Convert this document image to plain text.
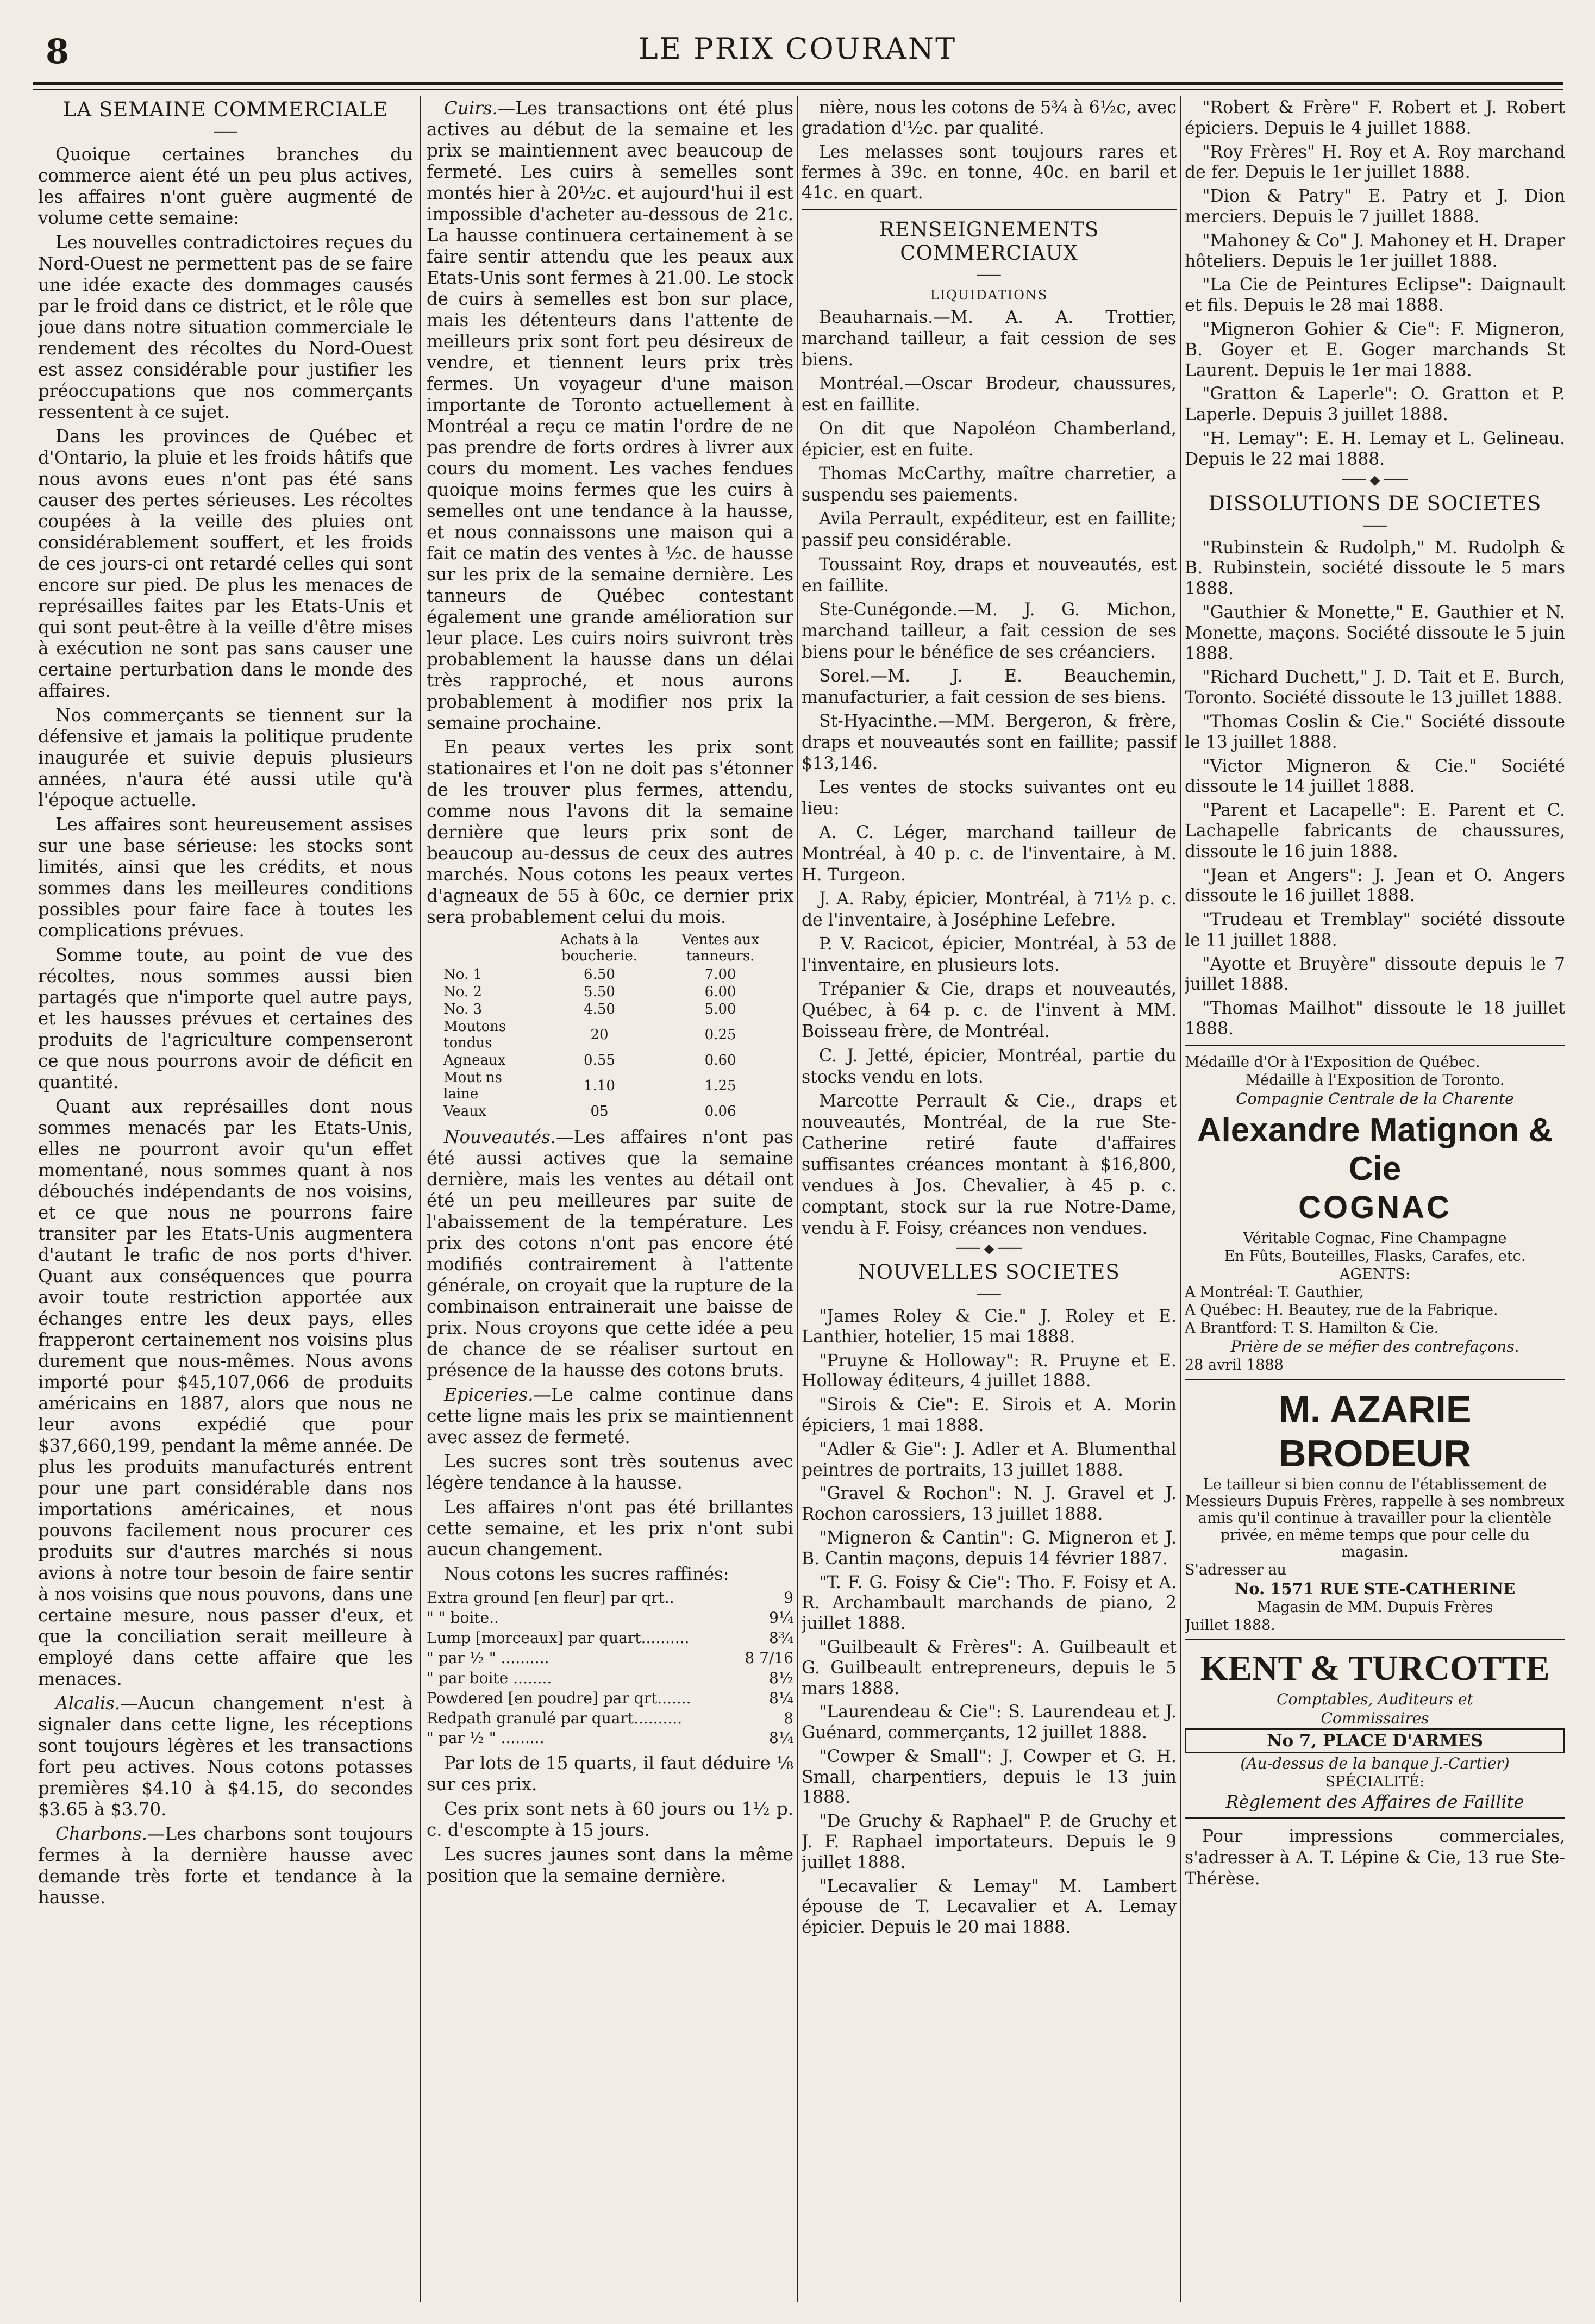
8	LE PRIX COURANT
LA SEMAINE COMMERCIALE
───

Quoique certaines branches du commerce aient été un peu plus actives, les affaires n'ont guère augmenté de volume cette semaine:

Les nouvelles contradictoires reçues du Nord-Ouest ne permettent pas de se faire une idée exacte des dommages causés par le froid dans ce district, et le rôle que joue dans notre situation commerciale le rendement des récoltes du Nord-Ouest est assez considérable pour justifier les préoccupations que nos commerçants ressentent à ce sujet.

Dans les provinces de Québec et d'Ontario, la pluie et les froids hâtifs que nous avons eues n'ont pas été sans causer des pertes sérieuses. Les récoltes coupées à la veille des pluies ont considérablement souffert, et les froids de ces jours-ci ont retardé celles qui sont encore sur pied. De plus les menaces de représailles faites par les Etats-Unis et qui sont peut-être à la veille d'être mises à exécution ne sont pas sans causer une certaine perturbation dans le monde des affaires.

Nos commerçants se tiennent sur la défensive et jamais la politique prudente inaugurée et suivie depuis plusieurs années, n'aura été aussi utile qu'à l'époque actuelle.

Les affaires sont heureusement assises sur une base sérieuse: les stocks sont limités, ainsi que les crédits, et nous sommes dans les meilleures conditions possibles pour faire face à toutes les complications prévues.

Somme toute, au point de vue des récoltes, nous sommes aussi bien partagés que n'importe quel autre pays, et les hausses prévues et certaines des produits de l'agriculture compenseront ce que nous pourrons avoir de déficit en quantité.

Quant aux représailles dont nous sommes menacés par les Etats-Unis, elles ne pourront avoir qu'un effet momentané, nous sommes quant à nos débouchés indépendants de nos voisins, et ce que nous ne pourrons faire transiter par les Etats-Unis augmentera d'autant le trafic de nos ports d'hiver. Quant aux conséquences que pourra avoir toute restriction apportée aux échanges entre les deux pays, elles frapperont certainement nos voisins plus durement que nous-mêmes. Nous avons importé pour $45,107,066 de produits américains en 1887, alors que nous ne leur avons expédié que pour $37,660,199, pendant la même année. De plus les produits manufacturés entrent pour une part considérable dans nos importations américaines, et nous pouvons facilement nous procurer ces produits sur d'autres marchés si nous avions à notre tour besoin de faire sentir à nos voisins que nous pouvons, dans une certaine mesure, nous passer d'eux, et que la conciliation serait meilleure à employé dans cette affaire que les menaces.

Alcalis.—Aucun changement n'est à signaler dans cette ligne, les réceptions sont toujours légères et les transactions fort peu actives. Nous cotons potasses premières $4.10 à $4.15, do secondes $3.65 à $3.70.

Charbons.—Les charbons sont toujours fermes à la dernière hausse avec demande très forte et tendance à la hausse.

Cuirs.—Les transactions ont été plus actives au début de la semaine et les prix se maintiennent avec beaucoup de fermeté. Les cuirs à semelles sont montés hier à 20½c. et aujourd'hui il est impossible d'acheter au-dessous de 21c. La hausse continuera certainement à se faire sentir attendu que les peaux aux Etats-Unis sont fermes à 21.00. Le stock de cuirs à semelles est bon sur place, mais les détenteurs dans l'attente de meilleurs prix sont fort peu désireux de vendre, et tiennent leurs prix très fermes. Un voyageur d'une maison importante de Toronto actuellement à Montréal a reçu ce matin l'ordre de ne pas prendre de forts ordres à livrer aux cours du moment. Les vaches fendues quoique moins fermes que les cuirs à semelles ont une tendance à la hausse, et nous connaissons une maison qui a fait ce matin des ventes à ½c. de hausse sur les prix de la semaine dernière. Les tanneurs de Québec contestant également une grande amélioration sur leur place. Les cuirs noirs suivront très probablement la hausse dans un délai très rapproché, et nous aurons probablement à modifier nos prix la semaine prochaine.

En peaux vertes les prix sont stationaires et l'on ne doit pas s'étonner de les trouver plus fermes, attendu, comme nous l'avons dit la semaine dernière que leurs prix sont de beaucoup au-dessus de ceux des autres marchés. Nous cotons les peaux vertes d'agneaux de 55 à 60c, ce dernier prix sera probablement celui du mois.

	Achats à la boucherie.	Ventes aux tanneurs.
No. 1	6.50	7.00
No. 2	5.50	6.00
No. 3	4.50	5.00
Moutons tondus	20	0.25
Agneaux	0.55	0.60
Mout ns laine	1.10	1.25
Veaux	05	0.06

Nouveautés.—Les affaires n'ont pas été aussi actives que la semaine dernière, mais les ventes au détail ont été un peu meilleures par suite de l'abaissement de la température. Les prix des cotons n'ont pas encore été modifiés contrairement à l'attente générale, on croyait que la rupture de la combinaison entrainerait une baisse de prix. Nous croyons que cette idée a peu de chance de se réaliser surtout en présence de la hausse des cotons bruts.

Epiceries.—Le calme continue dans cette ligne mais les prix se maintiennent avec assez de fermeté.

Les sucres sont très soutenus avec légère tendance à la hausse.

Les affaires n'ont pas été brillantes cette semaine, et les prix n'ont subi aucun changement.

Nous cotons les sucres raffinés:

Extra ground [en fleur] par qrt..	9
" " boite..	9¼
Lump [morceaux] par quart..........	8¾
" par ½ " ..........	8 7/16
" par boite ........	8½
Powdered [en poudre] par qrt.......	8¼
Redpath granulé par quart..........	8
" par ½ " .........	8¼

Par lots de 15 quarts, il faut déduire ⅛ sur ces prix.

Ces prix sont nets à 60 jours ou 1½ p. c. d'escompte à 15 jours.

Les sucres jaunes sont dans la même position que la semaine dernière.

nière, nous les cotons de 5¾ à 6½c, avec gradation d'½c. par qualité.

Les melasses sont toujours rares et fermes à 39c. en tonne, 40c. en baril et 41c. en quart.

RENSEIGNEMENTS COMMERCIAUX
───
LIQUIDATIONS

Beauharnais.—M. A. A. Trottier, marchand tailleur, a fait cession de ses biens.

Montréal.—Oscar Brodeur, chaussures, est en faillite.

On dit que Napoléon Chamberland, épicier, est en fuite.

Thomas McCarthy, maître charretier, a suspendu ses paiements.

Avila Perrault, expéditeur, est en faillite; passif peu considérable.

Toussaint Roy, draps et nouveautés, est en faillite.

Ste-Cunégonde.—M. J. G. Michon, marchand tailleur, a fait cession de ses biens pour le bénéfice de ses créanciers.

Sorel.—M. J. E. Beauchemin, manufacturier, a fait cession de ses biens.

St-Hyacinthe.—MM. Bergeron, & frère, draps et nouveautés sont en faillite; passif $13,146.

Les ventes de stocks suivantes ont eu lieu:

A. C. Léger, marchand tailleur de Montréal, à 40 p. c. de l'inventaire, à M. H. Turgeon.

J. A. Raby, épicier, Montréal, à 71½ p. c. de l'inventaire, à Joséphine Lefebre.

P. V. Racicot, épicier, Montréal, à 53 de l'inventaire, en plusieurs lots.

Trépanier & Cie, draps et nouveautés, Québec, à 64 p. c. de l'invent à MM. Boisseau frère, de Montréal.

C. J. Jetté, épicier, Montréal, partie du stocks vendu en lots.

Marcotte Perrault & Cie., draps et nouveautés, Montréal, de la rue Ste-Catherine retiré faute d'affaires suffisantes créances montant à $16,800, vendues à Jos. Chevalier, à 45 p. c. comptant, stock sur la rue Notre-Dame, vendu à F. Foisy, créances non vendues.

─── ◆ ───
NOUVELLES SOCIETES
───

"James Roley & Cie." J. Roley et E. Lanthier, hotelier, 15 mai 1888.

"Pruyne & Holloway": R. Pruyne et E. Holloway éditeurs, 4 juillet 1888.

"Sirois & Cie": E. Sirois et A. Morin épiciers, 1 mai 1888.

"Adler & Gie": J. Adler et A. Blumenthal peintres de portraits, 13 juillet 1888.

"Gravel & Rochon": N. J. Gravel et J. Rochon carossiers, 13 juillet 1888.

"Migneron & Cantin": G. Migneron et J. B. Cantin maçons, depuis 14 février 1887.

"T. F. G. Foisy & Cie": Tho. F. Foisy et A. R. Archambault marchands de piano, 2 juillet 1888.

"Guilbeault & Frères": A. Guilbeault et G. Guilbeault entrepreneurs, depuis le 5 mars 1888.

"Laurendeau & Cie": S. Laurendeau et J. Guénard, commerçants, 12 juillet 1888.

"Cowper & Small": J. Cowper et G. H. Small, charpentiers, depuis le 13 juin 1888.

"De Gruchy & Raphael" P. de Gruchy et J. F. Raphael importateurs. Depuis le 9 juillet 1888.

"Lecavalier & Lemay" M. Lambert épouse de T. Lecavalier et A. Lemay épicier. Depuis le 20 mai 1888.

"Robert & Frère" F. Robert et J. Robert épiciers. Depuis le 4 juillet 1888.

"Roy Frères" H. Roy et A. Roy marchand de fer. Depuis le 1er juillet 1888.

"Dion & Patry" E. Patry et J. Dion merciers. Depuis le 7 juillet 1888.

"Mahoney & Co" J. Mahoney et H. Draper hôteliers. Depuis le 1er juillet 1888.

"La Cie de Peintures Eclipse": Daignault et fils. Depuis le 28 mai 1888.

"Migneron Gohier & Cie": F. Migneron, B. Goyer et E. Goger marchands St Laurent. Depuis le 1er mai 1888.

"Gratton & Laperle": O. Gratton et P. Laperle. Depuis 3 juillet 1888.

"H. Lemay": E. H. Lemay et L. Gelineau. Depuis le 22 mai 1888.

─── ◆ ───
DISSOLUTIONS DE SOCIETES
───

"Rubinstein & Rudolph," M. Rudolph & B. Rubinstein, société dissoute le 5 mars 1888.

"Gauthier & Monette," E. Gauthier et N. Monette, maçons. Société dissoute le 5 juin 1888.

"Richard Duchett," J. D. Tait et E. Burch, Toronto. Société dissoute le 13 juillet 1888.

"Thomas Coslin & Cie." Société dissoute le 13 juillet 1888.

"Victor Migneron & Cie." Société dissoute le 14 juillet 1888.

"Parent et Lacapelle": E. Parent et C. Lachapelle fabricants de chaussures, dissoute le 16 juin 1888.

"Jean et Angers": J. Jean et O. Angers dissoute le 16 juillet 1888.

"Trudeau et Tremblay" société dissoute le 11 juillet 1888.

"Ayotte et Bruyère" dissoute depuis le 7 juillet 1888.

"Thomas Mailhot" dissoute le 18 juillet 1888.

Médaille d'Or à l'Exposition de Québec.
Médaille à l'Exposition de Toronto.
Compagnie Centrale de la Charente
Alexandre Matignon & Cie
COGNAC
Véritable Cognac, Fine Champagne
En Fûts, Bouteilles, Flasks, Carafes, etc.
AGENTS:
A Montréal: T. Gauthier,
A Québec: H. Beautey, rue de la Fabrique.
A Brantford: T. S. Hamilton & Cie.
Prière de se méfier des contrefaçons.
28 avril 1888
M. AZARIE BRODEUR
Le tailleur si bien connu de l'établissement de Messieurs Dupuis Frères, rappelle à ses nombreux amis qu'il continue à travailler pour la clientèle privée, en même temps que pour celle du magasin.
S'adresser au
No. 1571 RUE STE-CATHERINE
Magasin de MM. Dupuis Frères
Juillet 1888.
KENT & TURCOTTE
Comptables, Auditeurs et
Commissaires
No 7, PLACE D'ARMES
(Au-dessus de la banque J.-Cartier)
SPÉCIALITÉ:
Règlement des Affaires de Faillite

Pour impressions commerciales, s'adresser à A. T. Lépine & Cie, 13 rue Ste-Thérèse.
